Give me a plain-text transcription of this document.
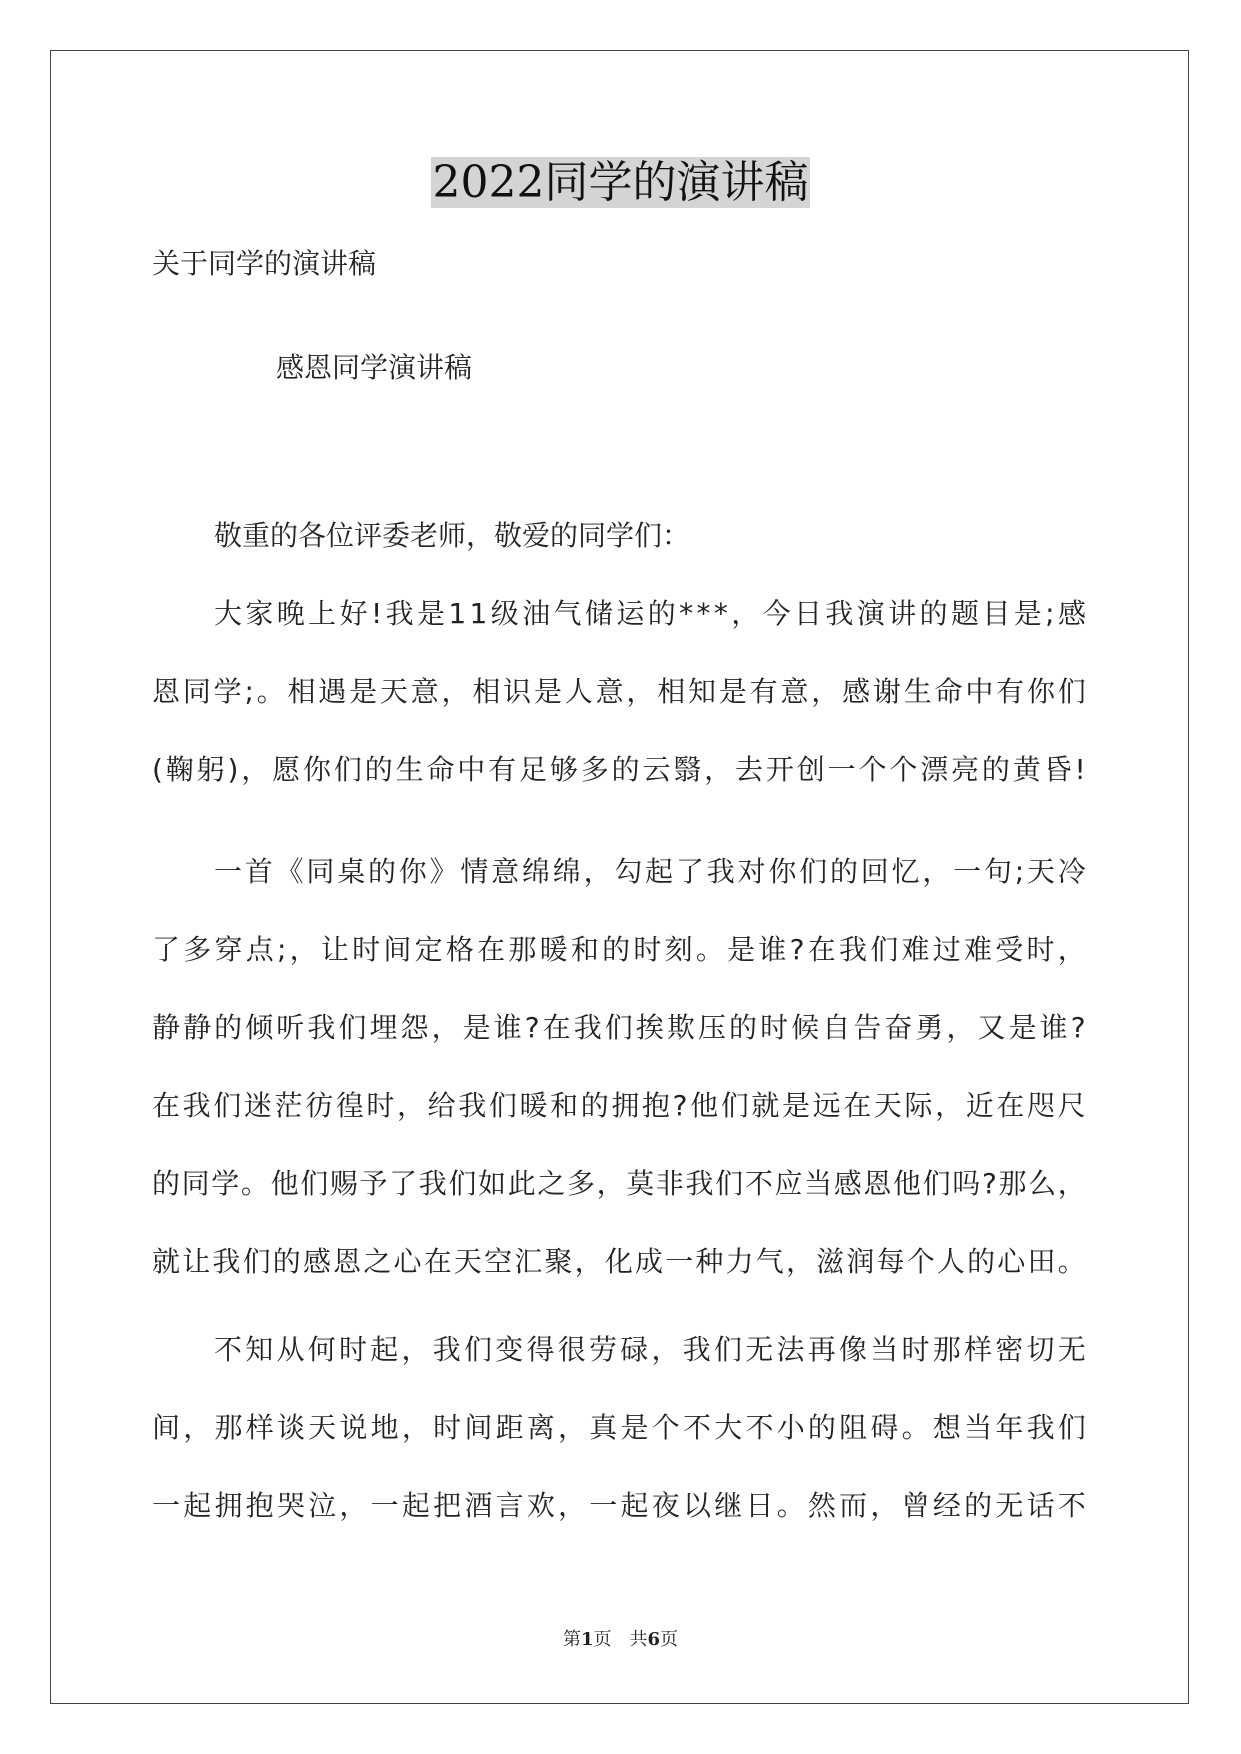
2022同学的演讲稿
关于同学的演讲稿
感恩同学演讲稿
敬重的各位评委老师，敬爱的同学们：
大 家 晚 上 好 ! 我 是 1 1 级 油 气 储 运 的 * * * ， 今 日 我 演 讲 的 题 目 是 ; 感
恩 同 学 ; 。 相 遇 是 天 意 ， 相 识 是 人 意 ， 相 知 是 有 意 ， 感 谢 生 命 中 有 你 们
( 鞠 躬 ) ， 愿 你 们 的 生 命 中 有 足 够 多 的 云 翳 ， 去 开 创 一 个 个 漂 亮 的 黄 昏 !
一 首 《 同 桌 的 你 》 情 意 绵 绵 ， 勾 起 了 我 对 你 们 的 回 忆 ， 一 句 ; 天 冷
了 多 穿 点 ; ， 让 时 间 定 格 在 那 暖 和 的 时 刻 。 是 谁 ? 在 我 们 难 过 难 受 时 ，
静 静 的 倾 听 我 们 埋 怨 ， 是 谁 ? 在 我 们 挨 欺 压 的 时 候 自 告 奋 勇 ， 又 是 谁 ?
在 我 们 迷 茫 彷 徨 时 ， 给 我 们 暖 和 的 拥 抱 ? 他 们 就 是 远 在 天 际 ， 近 在 咫 尺
的 同 学 。 他 们 赐 予 了 我 们 如 此 之 多 ， 莫 非 我 们 不 应 当 感 恩 他 们 吗 ? 那 么 ，
就 让 我 们 的 感 恩 之 心 在 天 空 汇 聚 ， 化 成 一 种 力 气 ， 滋 润 每 个 人 的 心 田 。
不 知 从 何 时 起 ， 我 们 变 得 很 劳 碌 ， 我 们 无 法 再 像 当 时 那 样 密 切 无
间 ， 那 样 谈 天 说 地 ， 时 间 距 离 ， 真 是 个 不 大 不 小 的 阻 碍 。 想 当 年 我 们
一 起 拥 抱 哭 泣 ， 一 起 把 酒 言 欢 ， 一 起 夜 以 继 日 。 然 而 ， 曾 经 的 无 话 不
第1页　共6页
